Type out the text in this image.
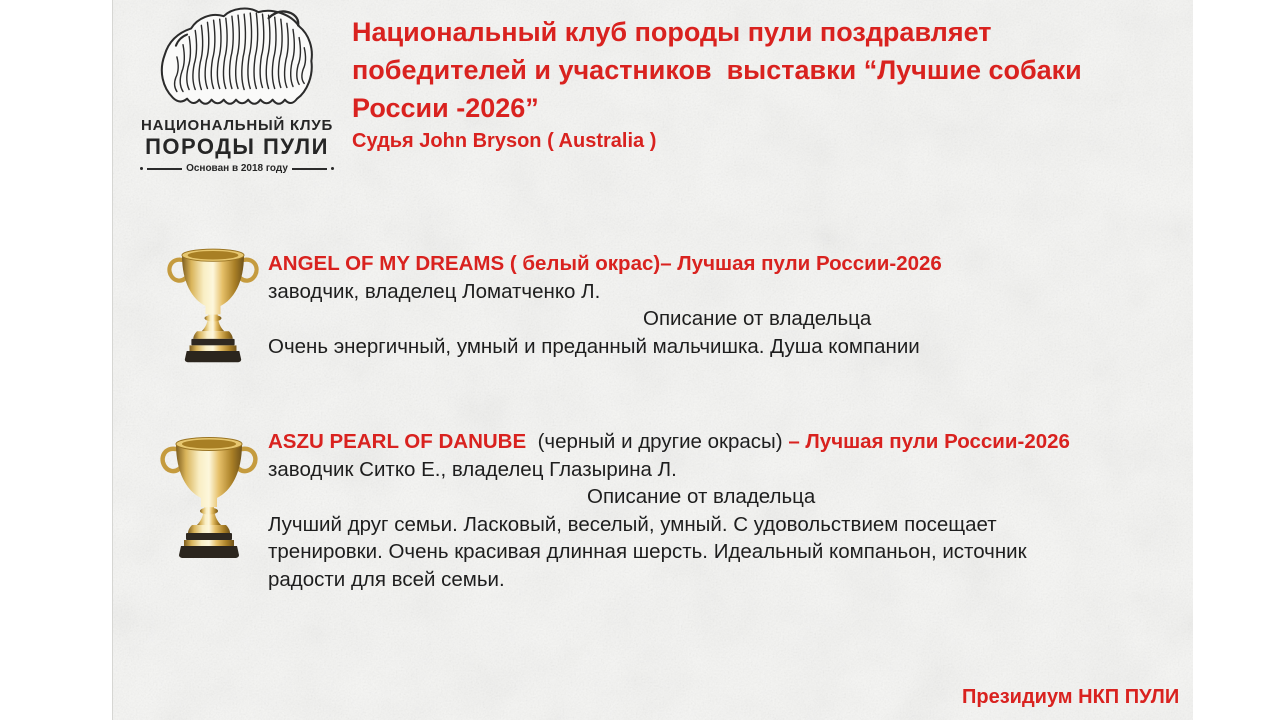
НАЦИОНАЛЬНЫЙ КЛУБ
ПОРОДЫ ПУЛИ
Основан в 2018 году
Национальный клуб породы пули поздравляет
победителей и участников  выставки “Лучшие собаки
России -2026”
Судья John Bryson ( Australia )
ANGEL OF MY DREAMS ( белый окрас)– Лучшая пули России-2026
заводчик, владелец Ломатченко Л.
Описание от владельца
Очень энергичный, умный и преданный мальчишка. Душа компании
ASZU PEARL OF DANUBE  (черный и другие окрасы) – Лучшая пули России-2026
заводчик Ситко Е., владелец Глазырина Л.
Описание от владельца
Лучший друг семьи. Ласковый, веселый, умный. С удовольствием посещает
тренировки. Очень красивая длинная шерсть. Идеальный компаньон, источник
радости для всей семьи.
Президиум НКП ПУЛИ
